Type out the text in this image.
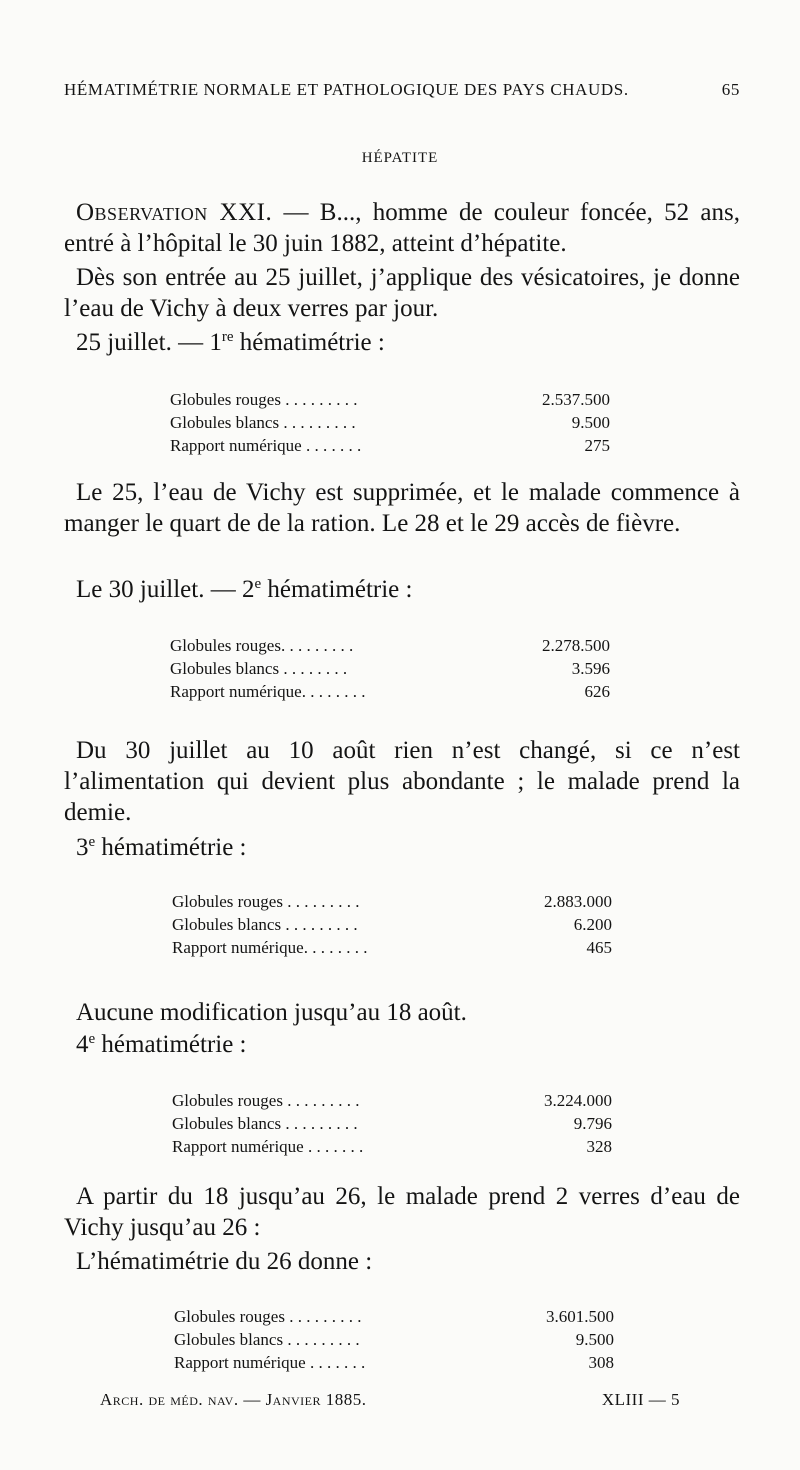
HÉMATIMÉTRIE NORMALE ET PATHOLOGIQUE DES PAYS CHAUDS.	65
HÉPATITE
Observation XXI. — B..., homme de couleur foncée, 52 ans, entré à l’hôpital le 30 juin 1882, atteint d’hépatite.
Dès son entrée au 25 juillet, j’applique des vésicatoires, je donne l’eau de Vichy à deux verres par jour.
25 juillet. — 1re hématimétrie :
Globules rouges . . . . . . . . .	2.537.500
Globules blancs . . . . . . . . .	9.500
Rapport numérique . . . . . . .	275
Le 25, l’eau de Vichy est supprimée, et le malade commence à manger le quart de de la ration. Le 28 et le 29 accès de fièvre.
Le 30 juillet. — 2e hématimétrie :
Globules rouges. . . . . . . . .	2.278.500
Globules blancs . . . . . . . .	3.596
Rapport numérique. . . . . . . .	626
Du 30 juillet au 10 août rien n’est changé, si ce n’est l’alimentation qui devient plus abondante ; le malade prend la demie.
3e hématimétrie :
Globules rouges . . . . . . . . .	2.883.000
Globules blancs . . . . . . . . .	6.200
Rapport numérique. . . . . . . .	465
Aucune modification jusqu’au 18 août.
4e hématimétrie :
Globules rouges . . . . . . . . .	3.224.000
Globules blancs . . . . . . . . .	9.796
Rapport numérique . . . . . . .	328
A partir du 18 jusqu’au 26, le malade prend 2 verres d’eau de Vichy jusqu’au 26 :
L’hématimétrie du 26 donne :
Globules rouges . . . . . . . . .	3.601.500
Globules blancs . . . . . . . . .	9.500
Rapport numérique . . . . . . .	308
Arch. de méd. nav. — Janvier 1885.	XLIII — 5
